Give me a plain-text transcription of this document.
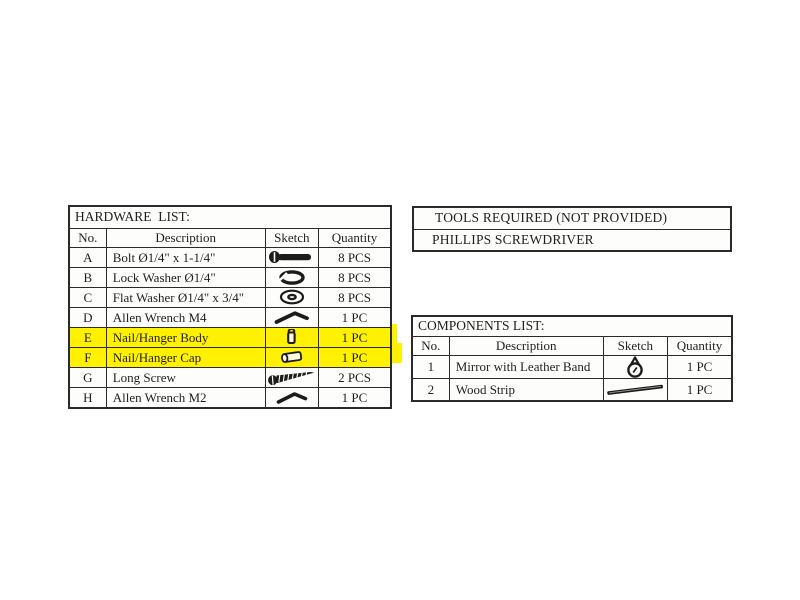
HARDWARE  LIST:			
No.	Description	Sketch	Quantity
A	Bolt Ø1/4" x 1-1/4"		8 PCS
B	Lock Washer Ø1/4"		8 PCS
C	Flat Washer Ø1/4" x 3/4"		8 PCS
D	Allen Wrench M4		1 PC
E	Nail/Hanger Body		1 PC
F	Nail/Hanger Cap		1 PC
G	Long Screw		2 PCS
H	Allen Wrench M2		1 PC
TOOLS REQUIRED (NOT PROVIDED)
PHILLIPS SCREWDRIVER
COMPONENTS LIST:			
No.	Description	Sketch	Quantity
1	Mirror with Leather Band		1 PC
2	Wood Strip		1 PC
